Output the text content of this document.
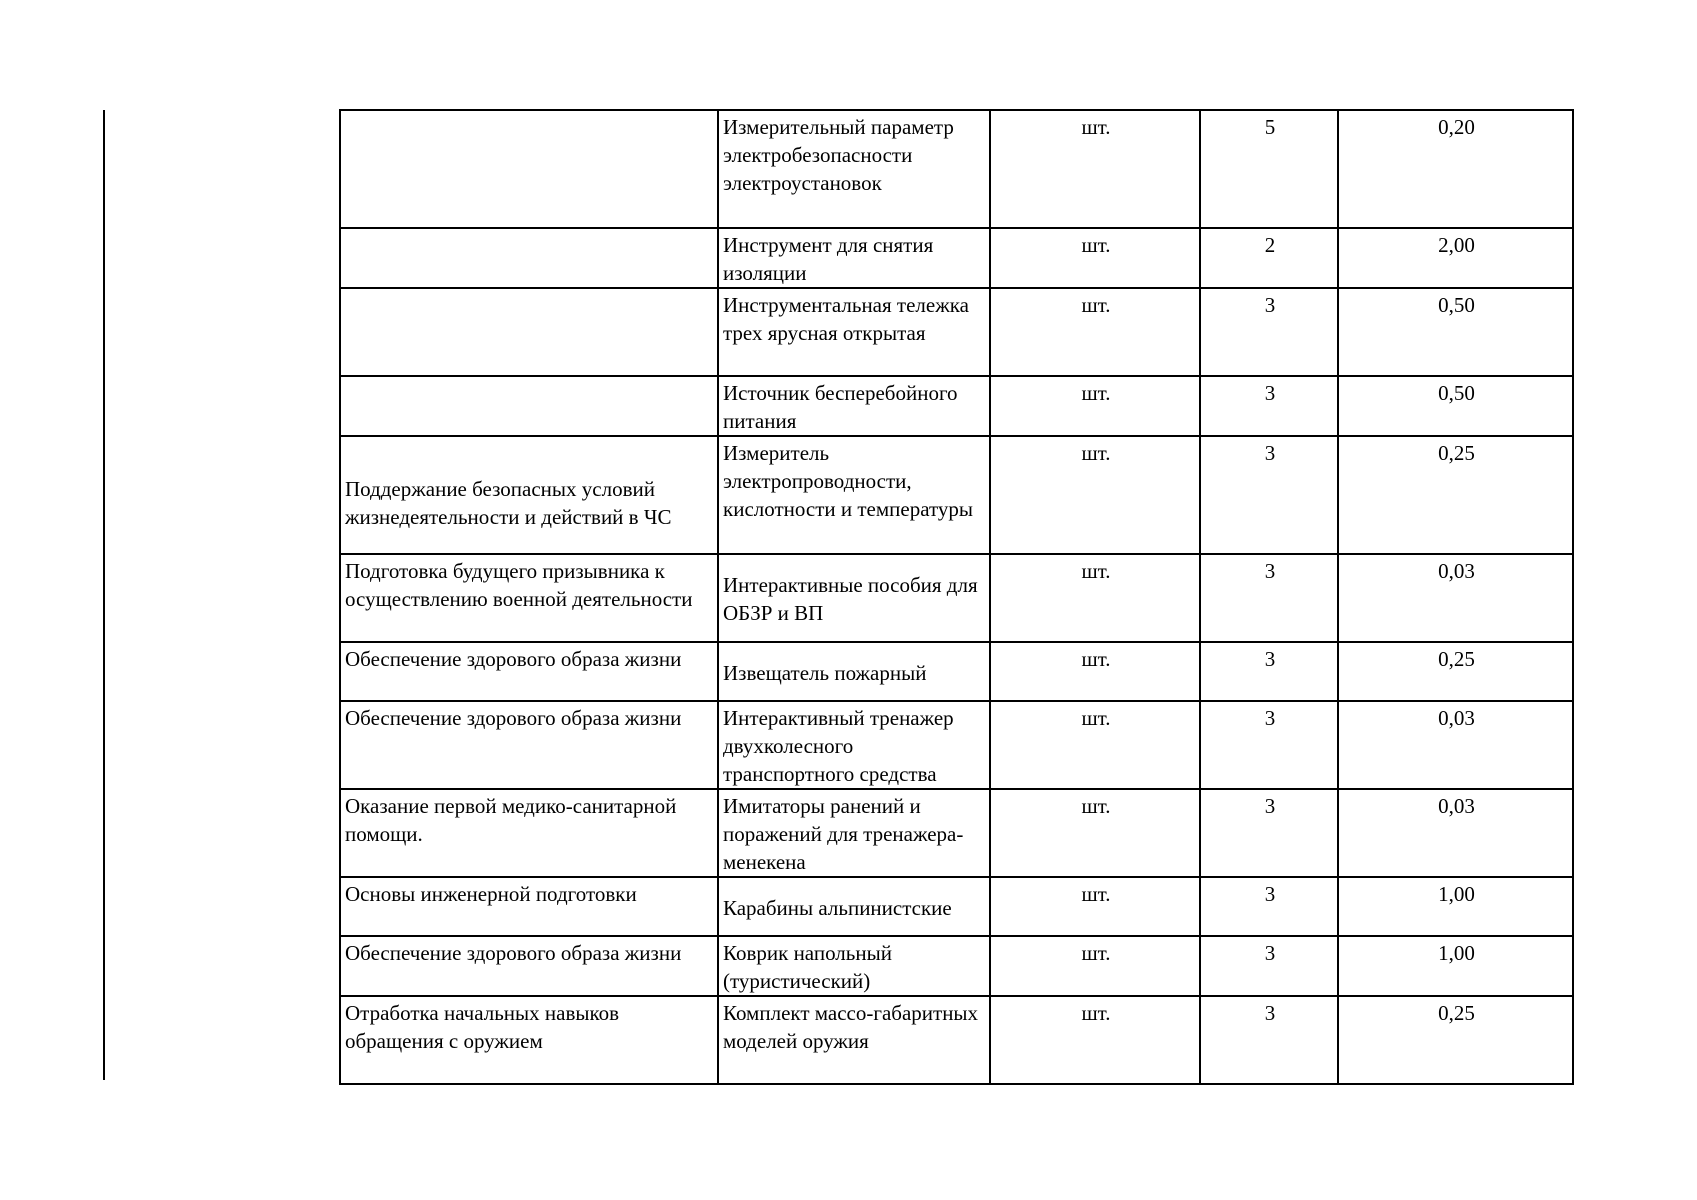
	Измерительный параметр электробезопасности электроустановок	шт.	5	0,20

	Инструмент для снятия изоляции	шт.	2	2,00

	Инструментальная тележка трех ярусная открытая	шт.	3	0,50

	Источник бесперебойного питания	шт.	3	0,50

Поддержание безопасных условий жизнедеятельности и действий в ЧС	Измеритель электропроводности, кислотности и температуры	шт.	3	0,25

Подготовка будущего призывника к осуществлению военной деятельности	Интерактивные пособия для ОБЗР и ВП	шт.	3	0,03

Обеспечение здорового образа жизни	Извещатель пожарный	шт.	3	0,25

Обеспечение здорового образа жизни	Интерактивный тренажер двухколесного транспортного средства	шт.	3	0,03

Оказание первой медико-санитарной помощи.	Имитаторы ранений и поражений для тренажера-менекена	шт.	3	0,03

Основы инженерной подготовки	Карабины альпинистские	шт.	3	1,00

Обеспечение здорового образа жизни	Коврик напольный (туристический)	шт.	3	1,00

Отработка начальных навыков обращения с оружием	Комплект массо-габаритных моделей оружия	шт.	3	0,25
